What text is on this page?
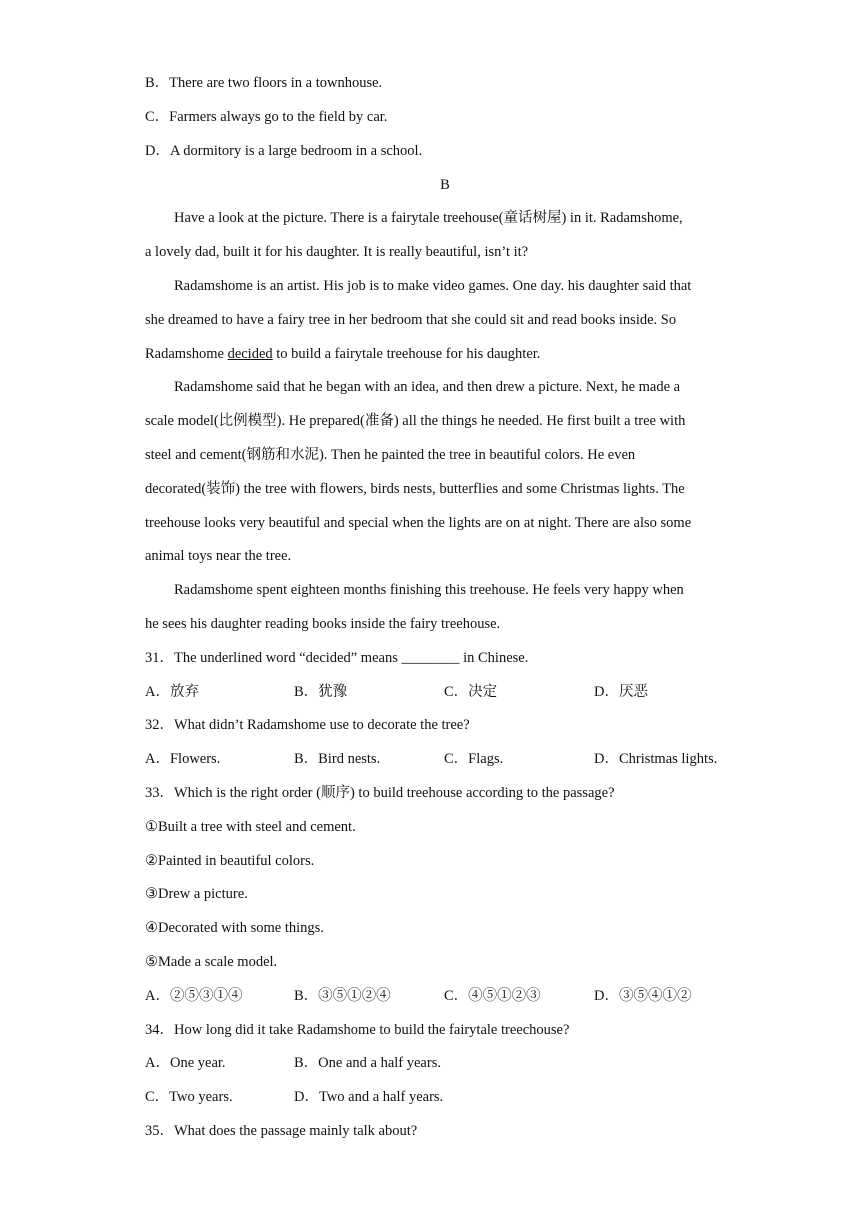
B．There are two floors in a townhouse.
C．Farmers always go to the field by car.
D．A dormitory is a large bedroom in a school.
B
Have a look at the picture. There is a fairytale treehouse(童话树屋) in it. Radamshome,
a lovely dad, built it for his daughter. It is really beautiful, isn’t it?
Radamshome is an artist. His job is to make video games. One day. his daughter said that
she dreamed to have a fairy tree in her bedroom that she could sit and read books inside. So
Radamshome decided to build a fairytale treehouse for his daughter.
Radamshome said that he began with an idea, and then drew a picture. Next, he made a
scale model(比例模型). He prepared(准备) all the things he needed. He first built a tree with
steel and cement(钢筋和水泥). Then he painted the tree in beautiful colors. He even
decorated(装饰) the tree with flowers, birds nests, butterflies and some Christmas lights. The
treehouse looks very beautiful and special when the lights are on at night. There are also some
animal toys near the tree.
Radamshome spent eighteen months finishing this treehouse. He feels very happy when
he sees his daughter reading books inside the fairy treehouse.
31．The underlined word “decided” means ________ in Chinese.
A．放弃	B．犹豫	C．决定	D．厌恶
32．What didn’t Radamshome use to decorate the tree?
A．Flowers.	B．Bird nests.	C．Flags.	D．Christmas lights.
33．Which is the right order (顺序) to build treehouse according to the passage?
①Built a tree with steel and cement.
②Painted in beautiful colors.
③Drew a picture.
④Decorated with some things.
⑤Made a scale model.
A．②⑤③①④	B．③⑤①②④	C．④⑤①②③	D．③⑤④①②
34．How long did it take Radamshome to build the fairytale treechouse?
A．One year.	B．One and a half years.
C．Two years.	D．Two and a half years.
35．What does the passage mainly talk about?
